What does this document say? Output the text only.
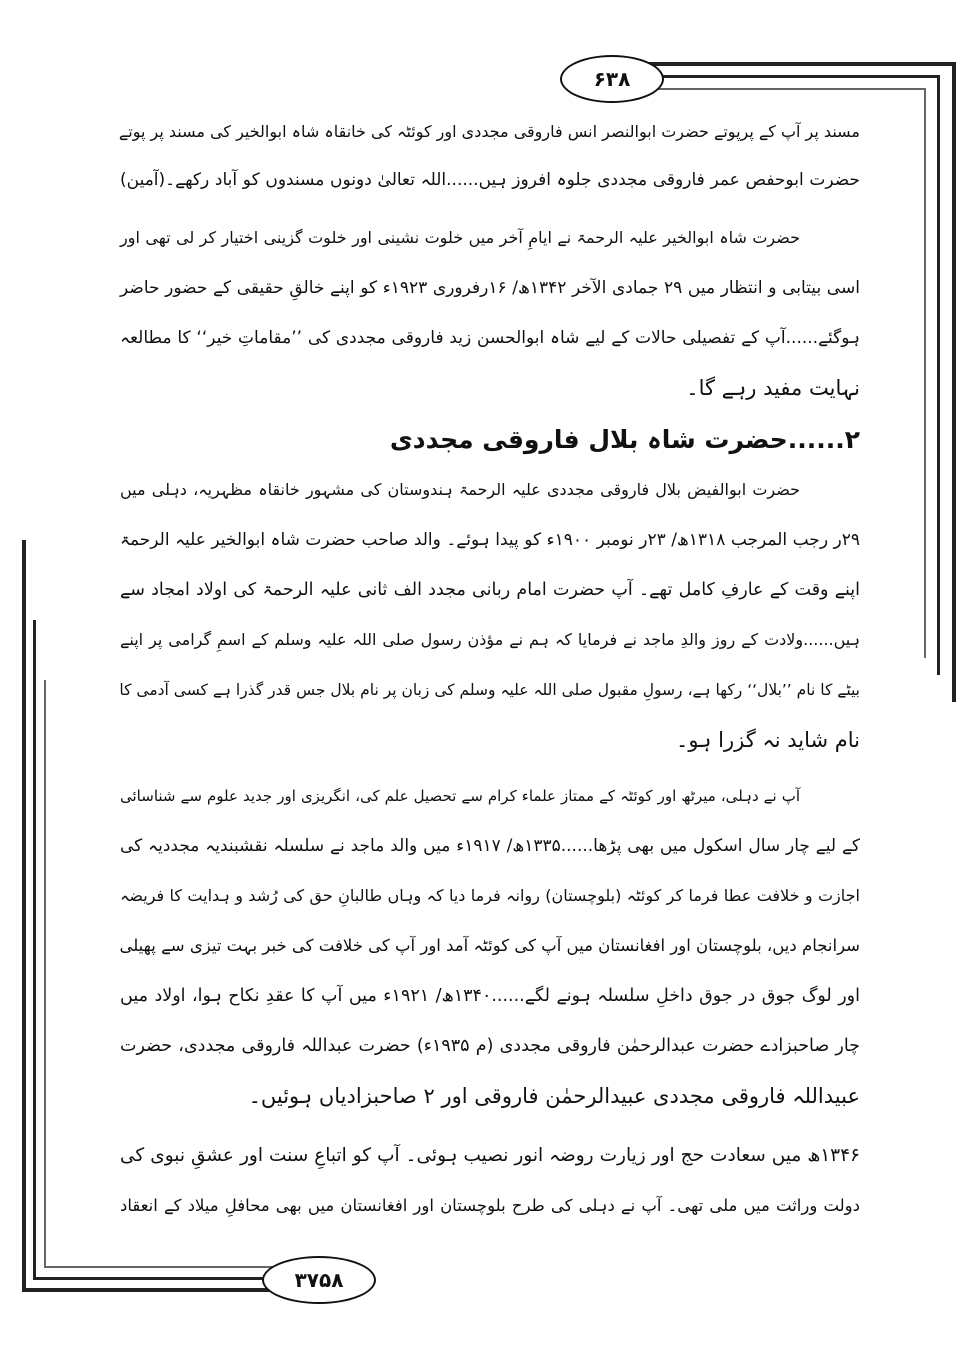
۶۳۸
۳۷۵۸
مسند پر آپ کے پرپوتے حضرت ابوالنصر انس فاروقی مجددی اور کوئٹہ کی خانقاہ شاہ ابوالخیر کی مسند پر پوتے
حضرت ابوحفص عمر فاروقی مجددی جلوہ افروز ہیں......اللہ تعالیٰ دونوں مسندوں کو آباد رکھے۔(آمین)
حضرت شاہ ابوالخیر علیہ الرحمۃ نے ایامِ آخر میں خلوت نشینی اور خلوت گزینی اختیار کر لی تھی اور
اسی بیتابی و انتظار میں ۲۹ جمادی الآخر ۱۳۴۲ھ/ ۱۶رفروری ۱۹۲۳ء کو اپنے خالقِ حقیقی کے حضور حاضر
ہوگئے......آپ کے تفصیلی حالات کے لیے شاہ ابوالحسن زید فاروقی مجددی کی ’’مقاماتِ خیر‘‘ کا مطالعہ
نہایت مفید رہے گا۔
۲......حضرت شاہ بلال فاروقی مجددی
حضرت ابوالفیض بلال فاروقی مجددی علیہ الرحمۃ ہندوستان کی مشہور خانقاہ مظہریہ، دہلی میں
۲۹ر رجب المرجب ۱۳۱۸ھ/ ۲۳ر نومبر ۱۹۰۰ء کو پیدا ہوئے۔ والد صاحب حضرت شاہ ابوالخیر علیہ الرحمۃ
اپنے وقت کے عارفِ کامل تھے۔ آپ حضرت امام ربانی مجدد الف ثانی علیہ الرحمۃ کی اولاد امجاد سے
ہیں......ولادت کے روز والدِ ماجد نے فرمایا کہ ہم نے مؤذن رسول صلی اللہ علیہ وسلم کے اسمِ گرامی پر اپنے
بیٹے کا نام ’’بلال‘‘ رکھا ہے، رسولِ مقبول صلی اللہ علیہ وسلم کی زبان پر نام بلال جس قدر گذرا ہے کسی آدمی کا
نام شاید نہ گزرا ہو۔
آپ نے دہلی، میرٹھ اور کوئٹہ کے ممتاز علماء کرام سے تحصیل علم کی، انگریزی اور جدید علوم سے شناسائی
کے لیے چار سال اسکول میں بھی پڑھا......۱۳۳۵ھ/ ۱۹۱۷ء میں والد ماجد نے سلسلہ نقشبندیہ مجددیہ کی
اجازت و خلافت عطا فرما کر کوئٹہ (بلوچستان) روانہ فرما دیا کہ وہاں طالبانِ حق کی رُشد و ہدایت کا فریضہ
سرانجام دیں، بلوچستان اور افغانستان میں آپ کی کوئٹہ آمد اور آپ کی خلافت کی خبر بہت تیزی سے پھیلی
اور لوگ جوق در جوق داخلِ سلسلہ ہونے لگے......۱۳۴۰ھ/ ۱۹۲۱ء میں آپ کا عقدِ نکاح ہوا، اولاد میں
چار صاحبزادے حضرت عبدالرحمٰن فاروقی مجددی (م ۱۹۳۵ء) حضرت عبداللہ فاروقی مجددی، حضرت
عبیداللہ فاروقی مجددی عبیدالرحمٰن فاروقی اور ۲ صاحبزادیاں ہوئیں۔
۱۳۴۶ھ میں سعادت حج اور زیارت روضہ انور نصیب ہوئی۔ آپ کو اتباعِ سنت اور عشقِ نبوی کی
دولت وراثت میں ملی تھی۔ آپ نے دہلی کی طرح بلوچستان اور افغانستان میں بھی محافلِ میلاد کے انعقاد
